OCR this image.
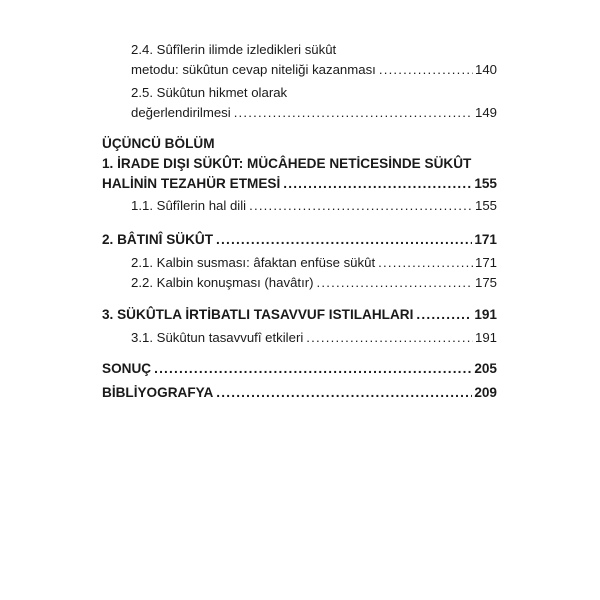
2.4. Sûfîlerin ilimde izledikleri sükût
metodu: sükûtun cevap niteliği kazanması .....	140
2.5. Sükûtun hikmet olarak
değerlendirilmesi .....	149
ÜÇÜNCÜ BÖLÜM
1. İRADE DIŞI SÜKÛT: MÜCÂHEDE NETİCESİNDE SÜKÛT
HALİNİN TEZAHÜR ETMESİ .....	155
1.1. Sûfîlerin hal dili .....	155
2. BÂTINÎ SÜKÛT .....	171
2.1. Kalbin susması: âfaktan enfüse sükût .....	171
2.2. Kalbin konuşması (havâtır) .....	175
3. SÜKÛTLA İRTİBATLI TASAVVUF ISTILAHLARI .....	191
3.1. Sükûtun tasavvufî etkileri .....	191
SONUÇ .....	205
BİBLİYOGRAFYA .....	209
